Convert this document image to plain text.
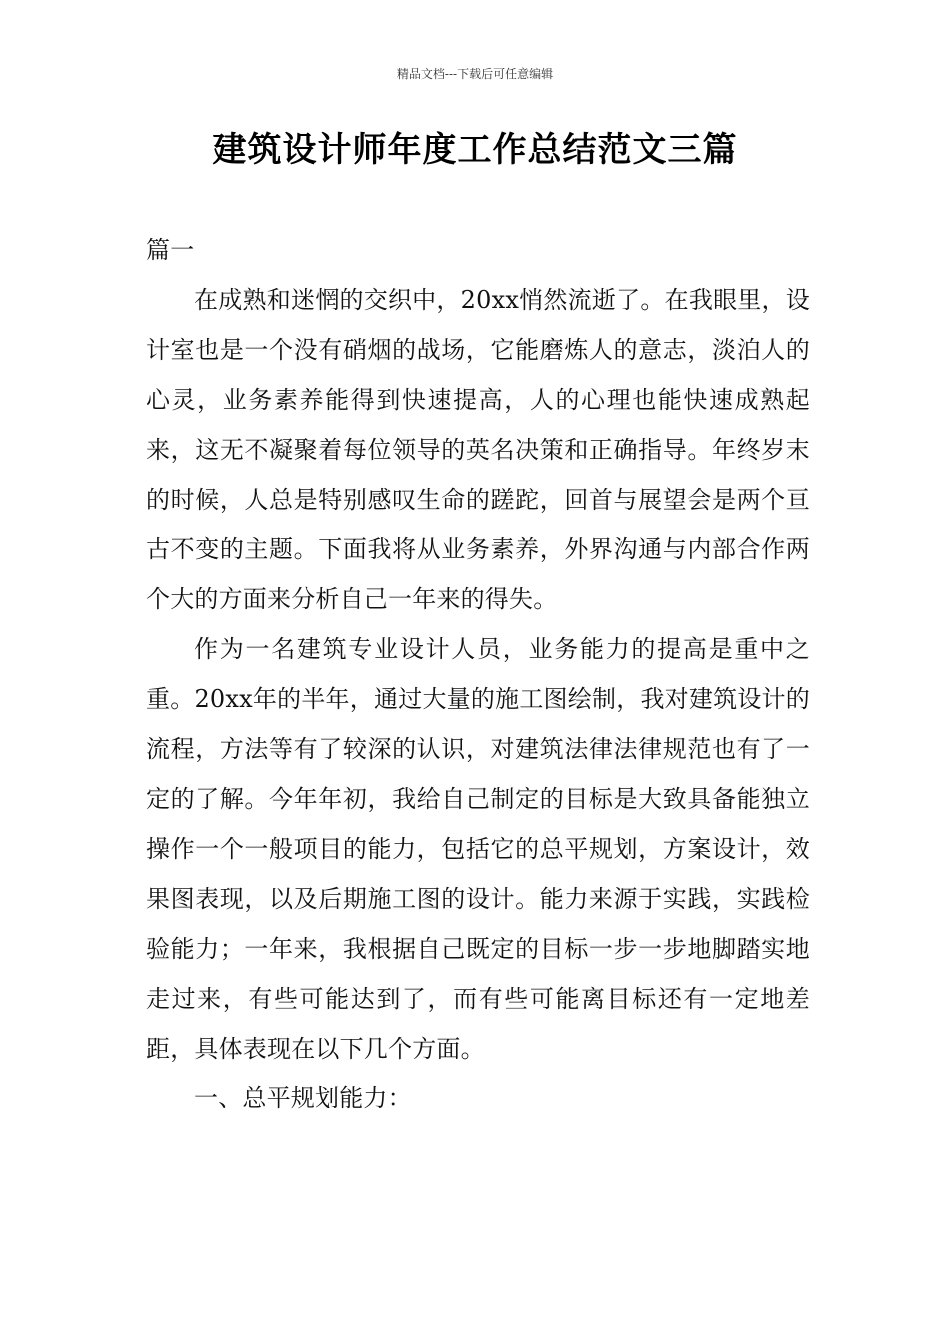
精品文档---下载后可任意编辑
建筑设计师年度工作总结范文三篇

篇一

在成熟和迷惘的交织中，20xx悄然流逝了。在我眼里，设计室也是一个没有硝烟的战场，它能磨炼人的意志，淡泊人的心灵，业务素养能得到快速提高，人的心理也能快速成熟起来，这无不凝聚着每位领导的英名决策和正确指导。年终岁末的时候，人总是特别感叹生命的蹉跎，回首与展望会是两个亘古不变的主题。下面我将从业务素养，外界沟通与内部合作两个大的方面来分析自己一年来的得失。

作为一名建筑专业设计人员，业务能力的提高是重中之重。20xx年的半年，通过大量的施工图绘制，我对建筑设计的流程，方法等有了较深的认识，对建筑法律法律规范也有了一定的了解。今年年初，我给自己制定的目标是大致具备能独立操作一个一般项目的能力，包括它的总平规划，方案设计，效果图表现，以及后期施工图的设计。能力来源于实践，实践检验能力；一年来，我根据自己既定的目标一步一步地脚踏实地走过来，有些可能达到了，而有些可能离目标还有一定地差距，具体表现在以下几个方面。

一、总平规划能力：
